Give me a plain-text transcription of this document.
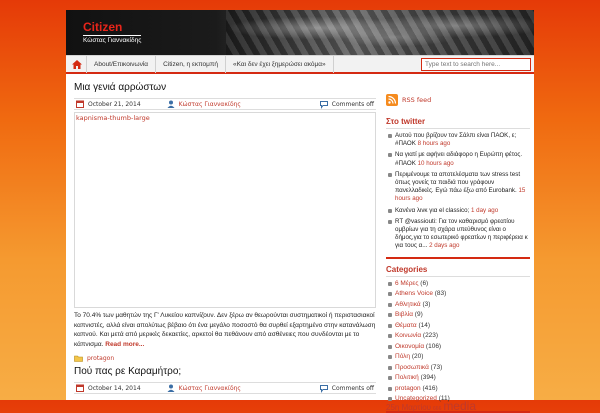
Citizen
Κώστας Γιαννακίδης
About/Επικοινωνία	Citizen, η εκπομπή	«Και δεν έχει ξημερώσει ακόμα»
Type text to search here...
Μια γενιά αρρώστων
October 21, 2014	Κώστας Γιαννακίδης	Comments off
kapnisma-thumb-large

Το 70.4% των μαθητών της Γ' Λυκείου καπνίζουν. Δεν ξέρω αν θεωρούνται συστηματικοί ή περιστασιακοί καπνιστές, αλλά είναι απολύτως βέβαιο ότι ένα μεγάλο ποσοστό θα συρθεί εξαρτημένο στην κατανάλωση καπνού. Και μετά από μερικές δεκαετίες, αρκετοί θα πεθάνουν από ασθένειες που συνδέονται με το κάπνισμα. Read more...

protagon
Πού πας ρε Καραμήτρο;
October 14, 2014	Κώστας Γιαννακίδης	Comments off
RSS feed
Στο twitter
Αυτού που βρίζουν τον Σάλπι είναι ΠΑΟΚ, ε; #ΠΑΟΚ 8 hours ago
Να γιατί με αφήνει αδιάφορο η Ευρώπη φέτος. #ΠΑΟΚ 10 hours ago
Περιμένουμε τα αποτελέσματα των stress test όπως γονείς τα παιδιά που γράφουν πανελλαδικές. Εγώ πάω έξω από Eurobank. 15 hours ago
Κανένα λινκ για el classico; 1 day ago
RT @vassiouti: Για τον καθαρισμό φρεατίου ομβρίων για τη σχάρα υπεύθυνος είναι ο δήμος,για το εσωτερικό φρεατίων η περιφέρεια κ για τους α... 2 days ago
Categories
6 Μέρες (6)
Athens Voice (83)
Αθλητικά (3)
Βιβλία (9)
Θέματα (14)
Κοινωνία (223)
Οικονομία (106)
Πόλη (20)
Προσωπικά (73)
Πολιτική (394)
protagon (416)
Uncategorized (11)
25η Μαρτίου 666 media
